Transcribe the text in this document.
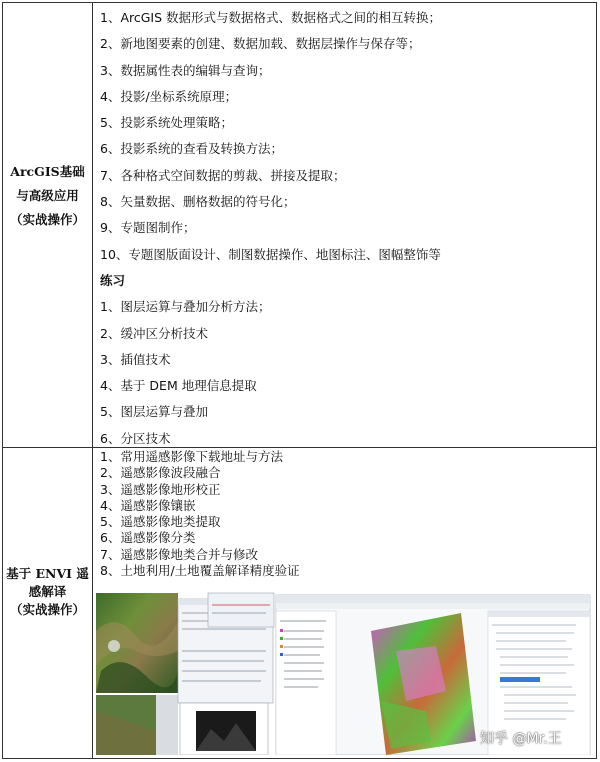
ArcGIS基础
与高级应用
（实战操作）
1、ArcGIS 数据形式与数据格式、数据格式之间的相互转换；
2、新地图要素的创建、数据加载、数据层操作与保存等；
3、数据属性表的编辑与查询；
4、投影/坐标系统原理；
5、投影系统处理策略；
6、投影系统的查看及转换方法；
7、各种格式空间数据的剪裁、拼接及提取；
8、矢量数据、删格数据的符号化；
9、专题图制作；
10、专题图版面设计、制图数据操作、地图标注、图幅整饰等
练习
1、图层运算与叠加分析方法；
2、缓冲区分析技术
3、插值技术
4、基于 DEM 地理信息提取
5、图层运算与叠加
6、分区技术
基于 ENVI 遥
感解译
（实战操作）
1、常用遥感影像下载地址与方法
2、遥感影像波段融合
3、遥感影像地形校正
4、遥感影像镶嵌
5、遥感影像地类提取
6、遥感影像分类
7、遥感影像地类合并与修改
8、土地利用/土地覆盖解译精度验证
知乎 @Mr.王
